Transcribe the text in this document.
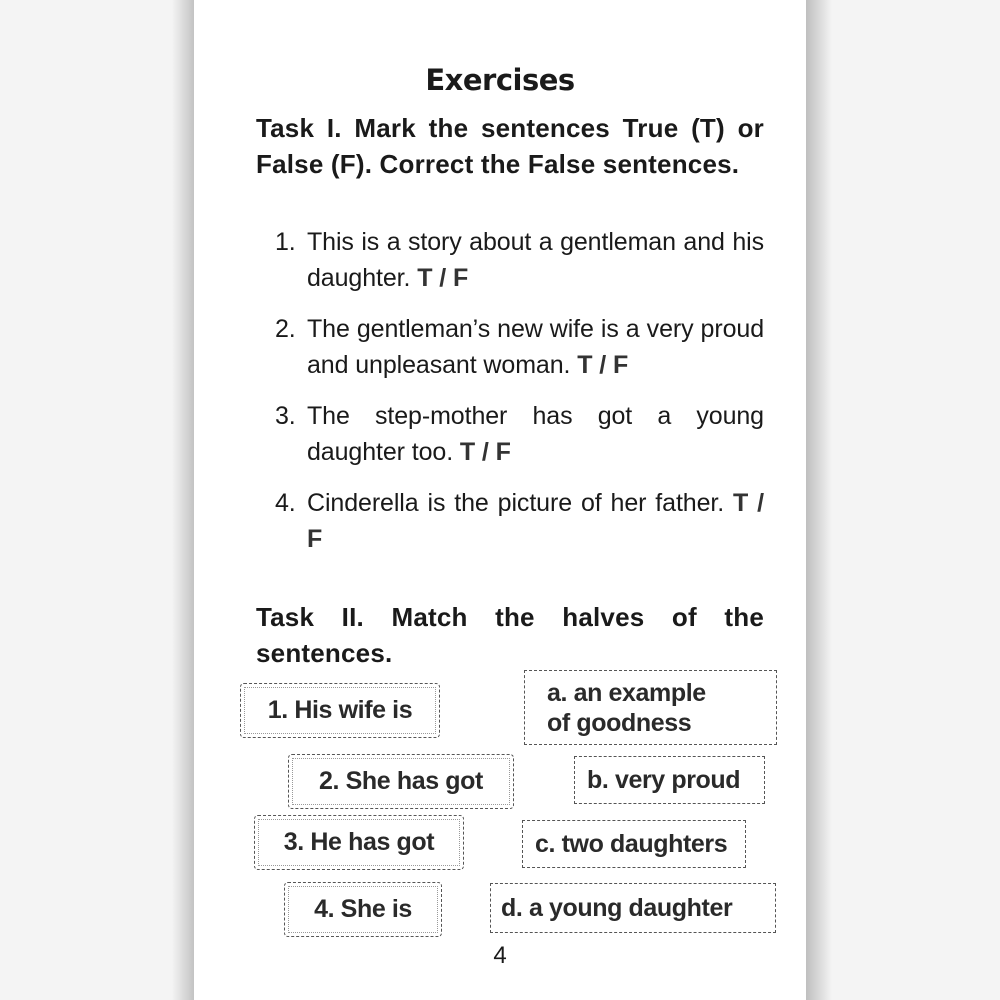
Exercises
Task I. Mark the sentences True (T) or False (F). Correct the False sentences.
1. This is a story about a gentleman and his daughter. T / F
2. The gentleman’s new wife is a very proud and unpleasant woman. T / F
3. The step-mother has got a young daughter too. T / F
4. Cinderella is the picture of her father. T / F
Task II. Match the halves of the sentences.
1. His wife is
2. She has got
3. He has got
4. She is
a. an example
of goodness
b. very proud
c. two daughters
d. a young daughter
4
